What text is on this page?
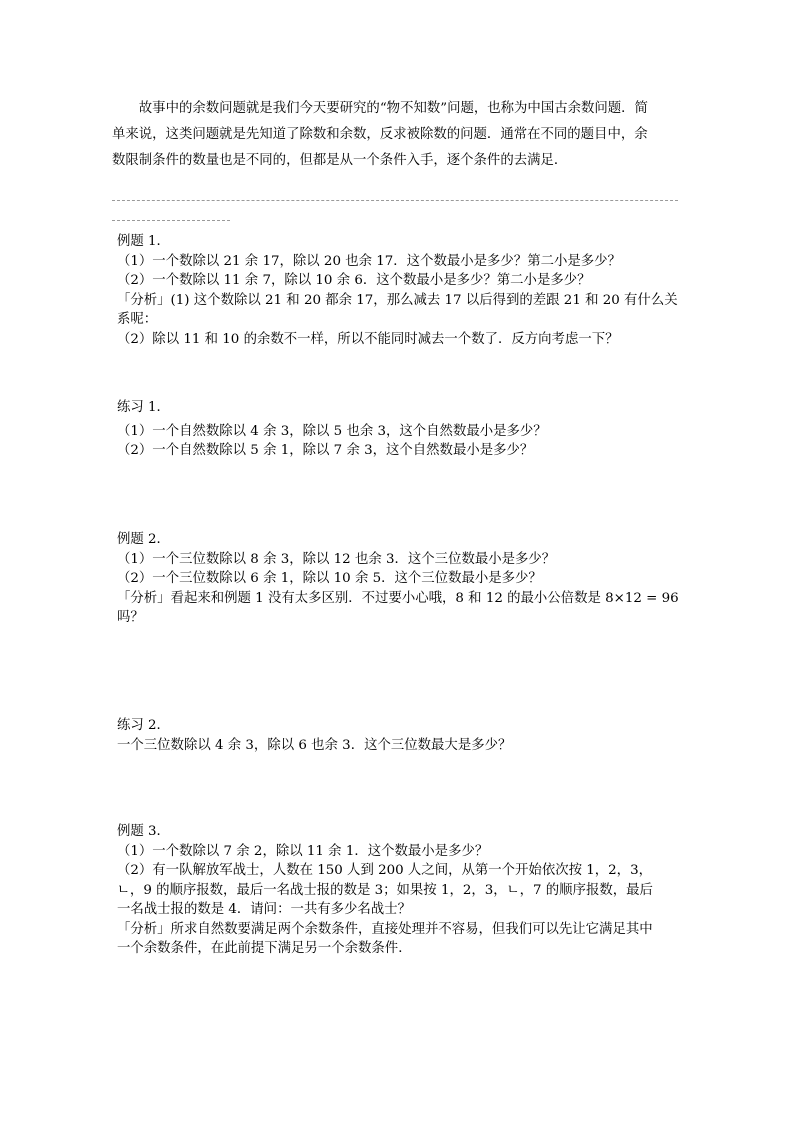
故事中的余数问题就是我们今天要研究的“物不知数”问题，也称为中国古余数问题．简

单来说，这类问题就是先知道了除数和余数，反求被除数的问题．通常在不同的题目中，余
数限制条件的数量也是不同的，但都是从一个条件入手，逐个条件的去满足．
例题 1．
（1）一个数除以 21 余 17，除以 20 也余 17．这个数最小是多少？第二小是多少？
（2）一个数除以 11 余 7，除以 10 余 6．这个数最小是多少？第二小是多少？
「分析」(1) 这个数除以 21 和 20 都余 17，那么减去 17 以后得到的差跟 21 和 20 有什么关
系呢：
（2）除以 11 和 10 的余数不一样，所以不能同时减去一个数了．反方向考虑一下？
练习 1．
（1）一个自然数除以 4 余 3，除以 5 也余 3，这个自然数最小是多少？
（2）一个自然数除以 5 余 1，除以 7 余 3，这个自然数最小是多少？
例题 2．
（1）一个三位数除以 8 余 3，除以 12 也余 3．这个三位数最小是多少？
（2）一个三位数除以 6 余 1，除以 10 余 5．这个三位数最小是多少？
「分析」看起来和例题 1 没有太多区别．不过要小心哦，8 和 12 的最小公倍数是 8×12 = 96
吗？
练习 2．
一个三位数除以 4 余 3，除以 6 也余 3．这个三位数最大是多少？
例题 3．
（1）一个数除以 7 余 2，除以 11 余 1．这个数最小是多少？
（2）有一队解放军战士，人数在 150 人到 200 人之间，从第一个开始依次按 1，2，3，
ㄴ，9 的顺序报数，最后一名战士报的数是 3；如果按 1，2，3，ㄴ，7 的顺序报数，最后
一名战士报的数是 4．请问：一共有多少名战士？
「分析」所求自然数要满足两个余数条件，直接处理并不容易，但我们可以先让它满足其中
一个余数条件，在此前提下满足另一个余数条件．
